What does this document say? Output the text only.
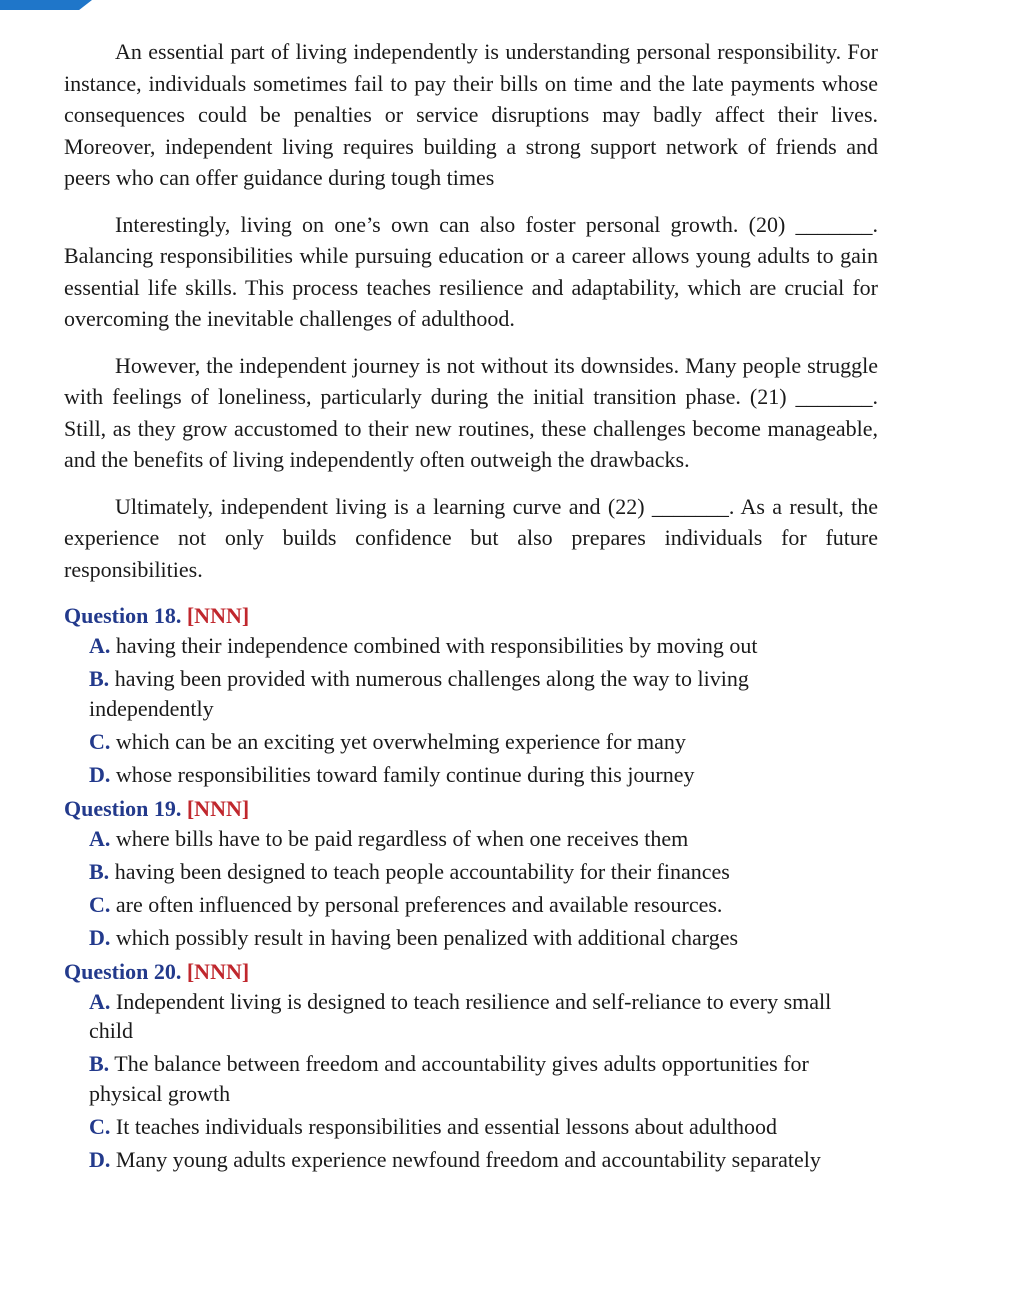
An essential part of living independently is understanding personal responsibility. For instance, individuals sometimes fail to pay their bills on time and the late payments whose consequences could be penalties or service disruptions may badly affect their lives. Moreover, independent living requires building a strong support network of friends and peers who can offer guidance during tough times

Interestingly, living on one’s own can also foster personal growth. (20) _______. Balancing responsibilities while pursuing education or a career allows young adults to gain essential life skills. This process teaches resilience and adaptability, which are crucial for overcoming the inevitable challenges of adulthood.

However, the independent journey is not without its downsides. Many people struggle with feelings of loneliness, particularly during the initial transition phase. (21) _______. Still, as they grow accustomed to their new routines, these challenges become manageable, and the benefits of living independently often outweigh the drawbacks.

Ultimately, independent living is a learning curve and (22) _______. As a result, the experience not only builds confidence but also prepares individuals for future responsibilities.

Question 18. [NNN]

A. having their independence combined with responsibilities by moving out
B. having been provided with numerous challenges along the way to living independently
C. which can be an exciting yet overwhelming experience for many
D. whose responsibilities toward family continue during this journey

Question 19. [NNN]

A. where bills have to be paid regardless of when one receives them
B. having been designed to teach people accountability for their finances
C. are often influenced by personal preferences and available resources.
D. which possibly result in having been penalized with additional charges

Question 20. [NNN]

A. Independent living is designed to teach resilience and self-reliance to every small child
B. The balance between freedom and accountability gives adults opportunities for physical growth
C. It teaches individuals responsibilities and essential lessons about adulthood
D. Many young adults experience newfound freedom and accountability separately
